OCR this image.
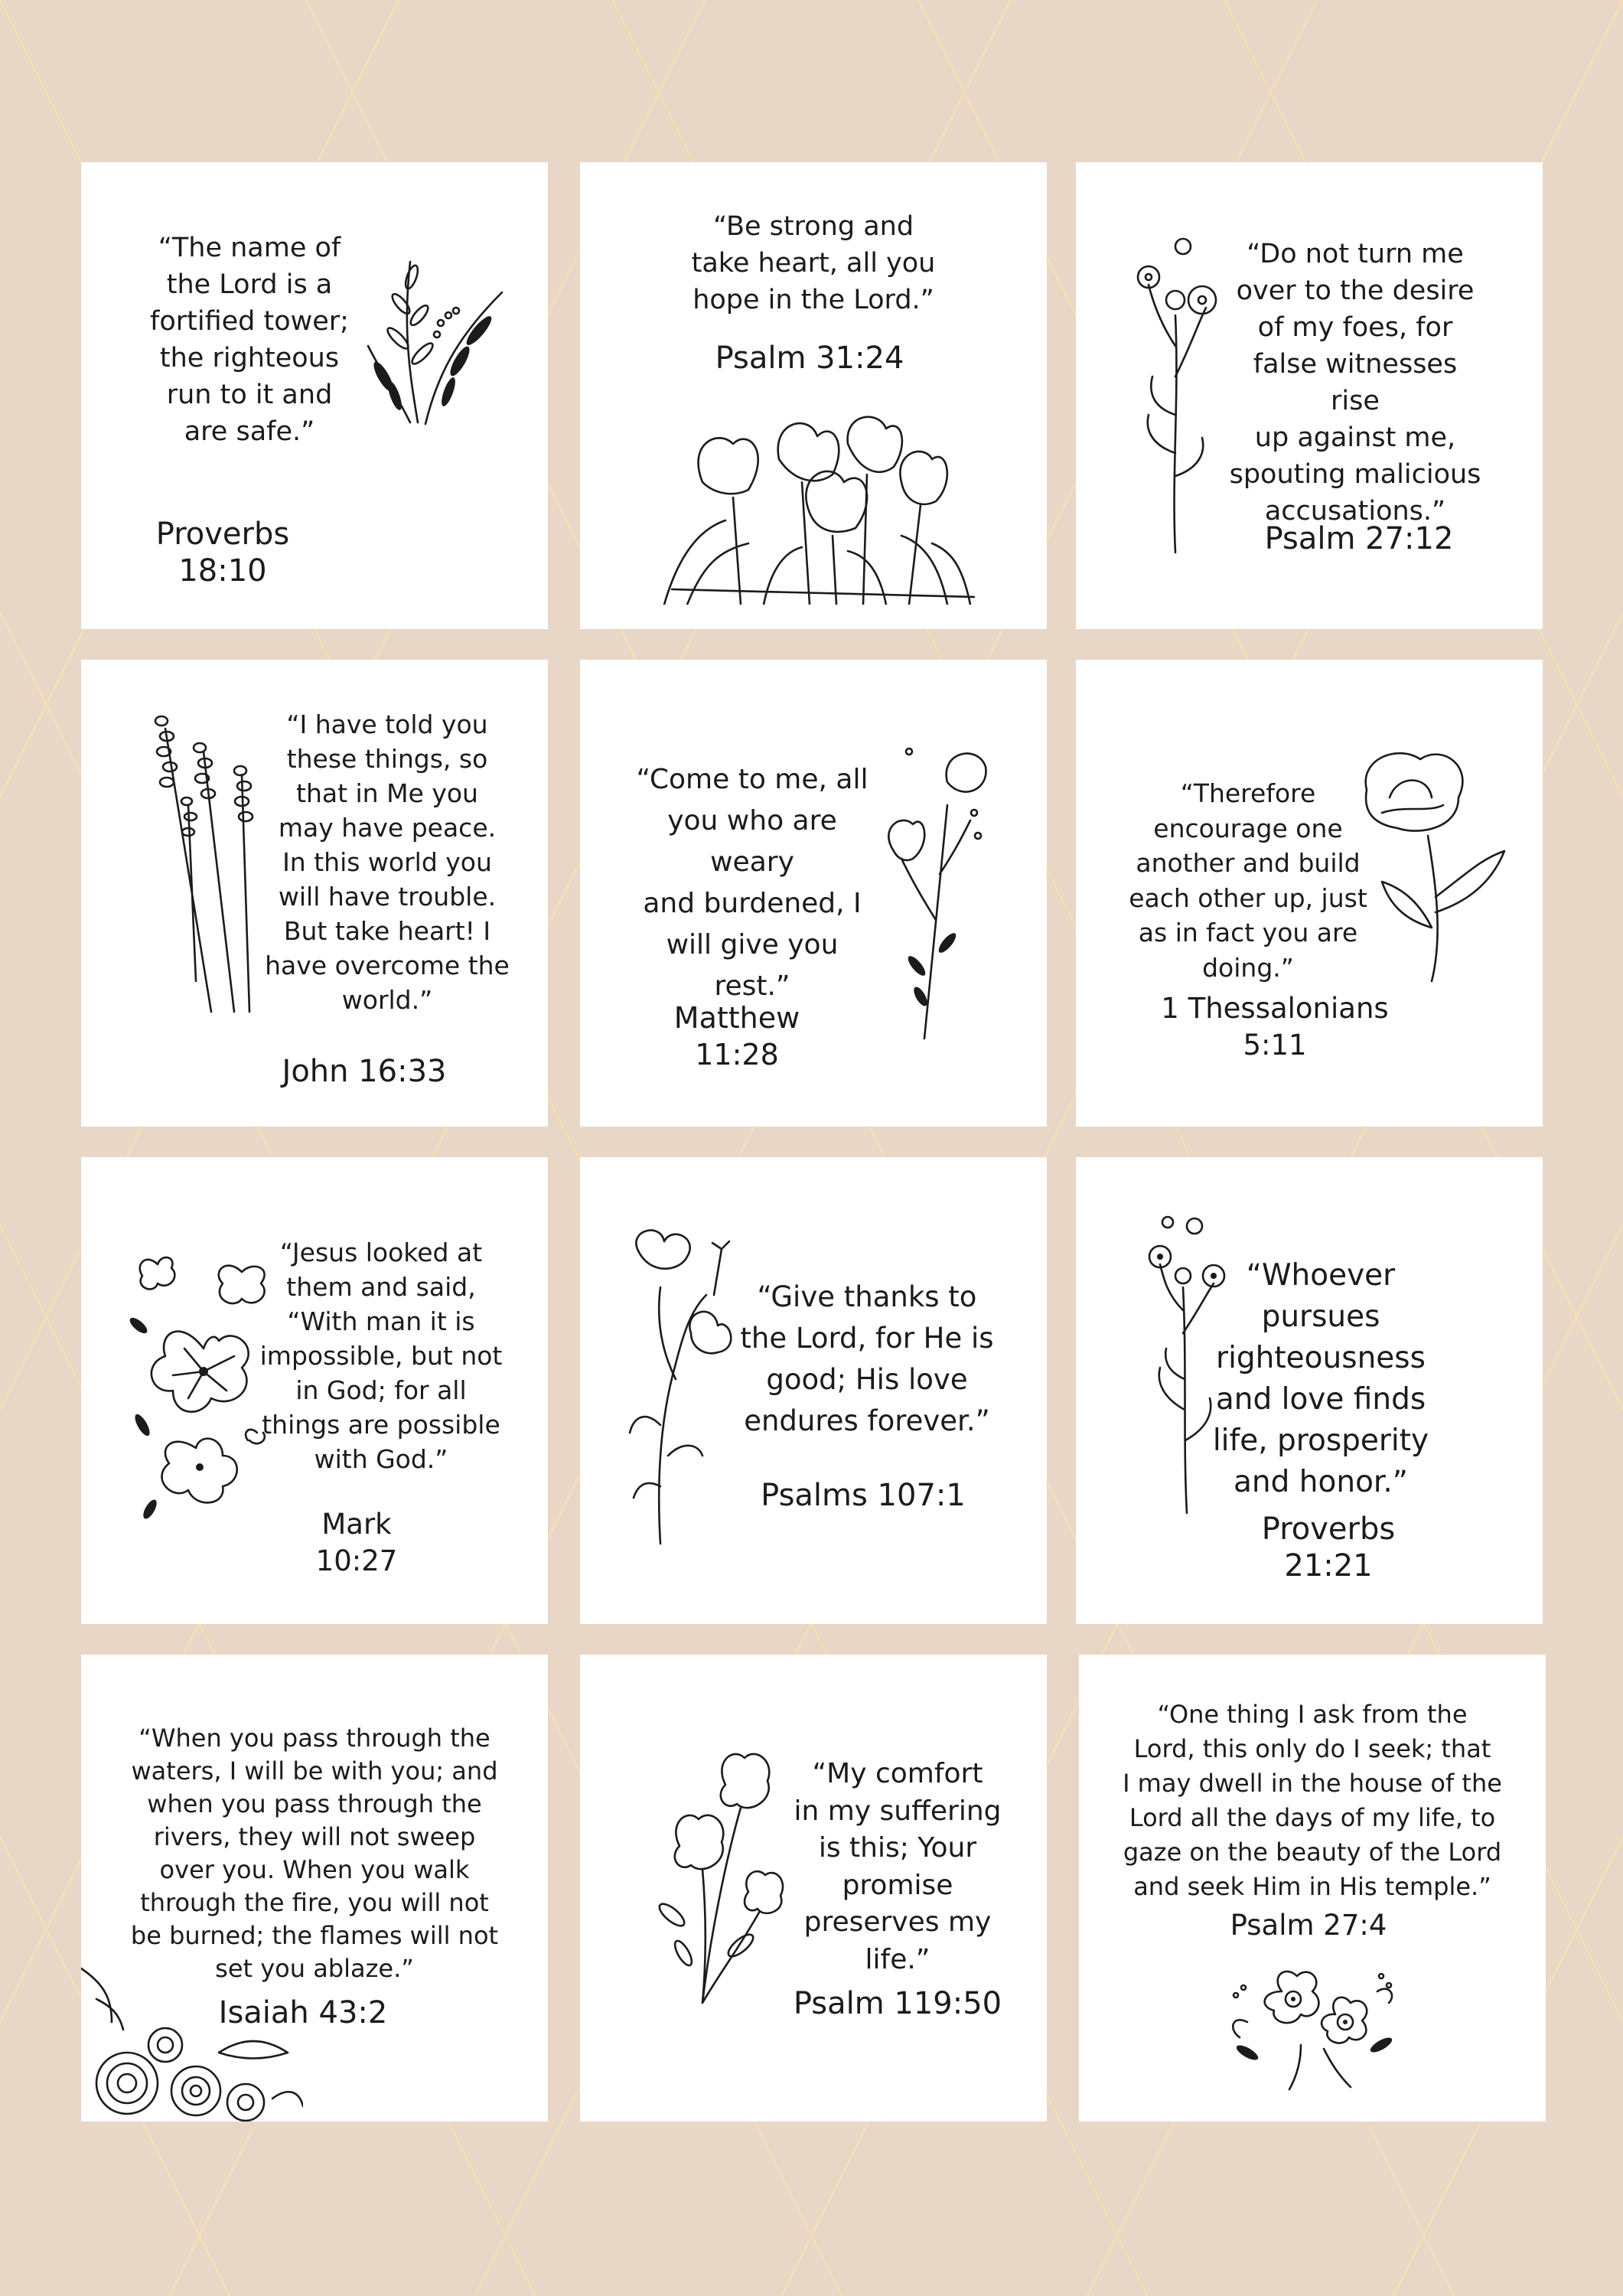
“The name of
the Lord is a
fortified tower;
the righteous
run to it and
are safe.”

Proverbs 18:10

“Be strong and
take heart, all you
hope in the Lord.”

Psalm 31:24

“Do not turn me
over to the desire
of my foes, for
false witnesses rise
up against me,
spouting malicious
accusations.”

Psalm 27:12

“I have told you
these things, so
that in Me you
may have peace.
In this world you
will have trouble.
But take heart! I
have overcome the
world.”

John 16:33

“Come to me, all
you who are weary
and burdened, I
will give you
rest.”

Matthew 11:28

“Therefore
encourage one
another and build
each other up, just
as in fact you are
doing.”

1 Thessalonians 5:11

“Jesus looked at
them and said,
“With man it is
impossible, but not
in God; for all
things are possible
with God.”

Mark 10:27

“Give thanks to
the Lord, for He is
good; His love
endures forever.”

Psalms 107:1

“Whoever
pursues
righteousness
and love finds
life, prosperity
and honor.”

Proverbs 21:21

“When you pass through the
waters, I will be with you; and
when you pass through the
rivers, they will not sweep
over you. When you walk
through the fire, you will not
be burned; the flames will not
set you ablaze.”

Isaiah 43:2

“My comfort
in my suffering
is this; Your
promise
preserves my
life.”

Psalm 119:50

“One thing I ask from the
Lord, this only do I seek; that
I may dwell in the house of the
Lord all the days of my life, to
gaze on the beauty of the Lord
and seek Him in His temple.”

Psalm 27:4
